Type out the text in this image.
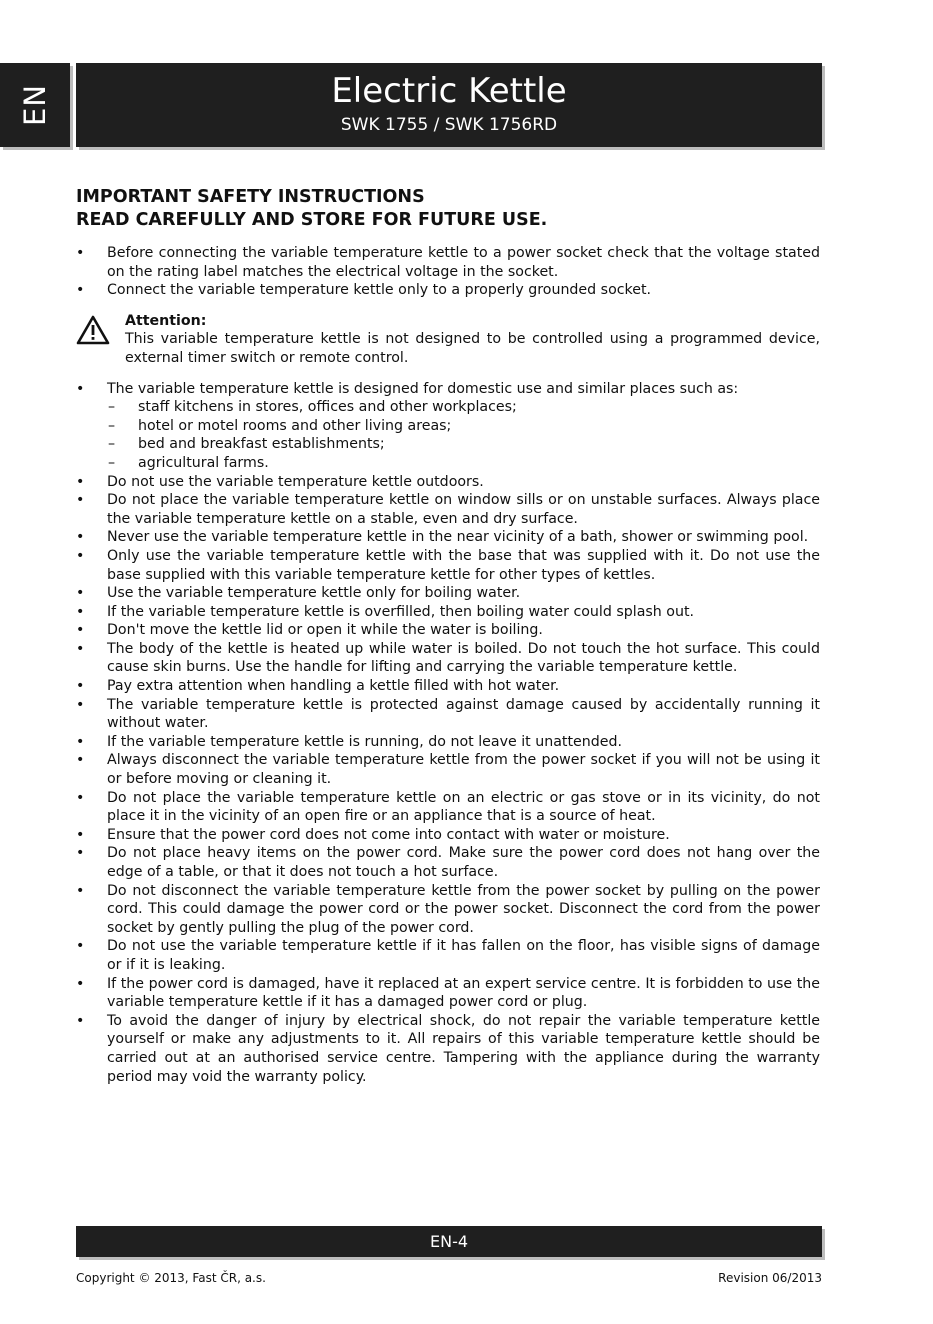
EN	Electric Kettle
SWK 1755 / SWK 1756RD
IMPORTANT SAFETY INSTRUCTIONS
READ CAREFULLY AND STORE FOR FUTURE USE.
• Before connecting the variable temperature kettle to a power socket check that the voltage stated on the rating label matches the electrical voltage in the socket.
• Connect the variable temperature kettle only to a properly grounded socket.
Attention:
This variable temperature kettle is not designed to be controlled using a programmed device, external timer switch or remote control.
• The variable temperature kettle is designed for domestic use and similar places such as:
– staff kitchens in stores, offices and other workplaces;
– hotel or motel rooms and other living areas;
– bed and breakfast establishments;
– agricultural farms.
• Do not use the variable temperature kettle outdoors.
• Do not place the variable temperature kettle on window sills or on unstable surfaces. Always place the variable temperature kettle on a stable, even and dry surface.
• Never use the variable temperature kettle in the near vicinity of a bath, shower or swimming pool.
• Only use the variable temperature kettle with the base that was supplied with it. Do not use the base supplied with this variable temperature kettle for other types of kettles.
• Use the variable temperature kettle only for boiling water.
• If the variable temperature kettle is overfilled, then boiling water could splash out.
• Don't move the kettle lid or open it while the water is boiling.
• The body of the kettle is heated up while water is boiled. Do not touch the hot surface. This could cause skin burns. Use the handle for lifting and carrying the variable temperature kettle.
• Pay extra attention when handling a kettle filled with hot water.
• The variable temperature kettle is protected against damage caused by accidentally running it without water.
• If the variable temperature kettle is running, do not leave it unattended.
• Always disconnect the variable temperature kettle from the power socket if you will not be using it or before moving or cleaning it.
• Do not place the variable temperature kettle on an electric or gas stove or in its vicinity, do not place it in the vicinity of an open fire or an appliance that is a source of heat.
• Ensure that the power cord does not come into contact with water or moisture.
• Do not place heavy items on the power cord. Make sure the power cord does not hang over the edge of a table, or that it does not touch a hot surface.
• Do not disconnect the variable temperature kettle from the power socket by pulling on the power cord. This could damage the power cord or the power socket. Disconnect the cord from the power socket by gently pulling the plug of the power cord.
• Do not use the variable temperature kettle if it has fallen on the floor, has visible signs of damage or if it is leaking.
• If the power cord is damaged, have it replaced at an expert service centre. It is forbidden to use the variable temperature kettle if it has a damaged power cord or plug.
• To avoid the danger of injury by electrical shock, do not repair the variable temperature kettle yourself or make any adjustments to it. All repairs of this variable temperature kettle should be carried out at an authorised service centre. Tampering with the appliance during the warranty period may void the warranty policy.
EN-4
Copyright © 2013, Fast ČR, a.s.	Revision 06/2013
